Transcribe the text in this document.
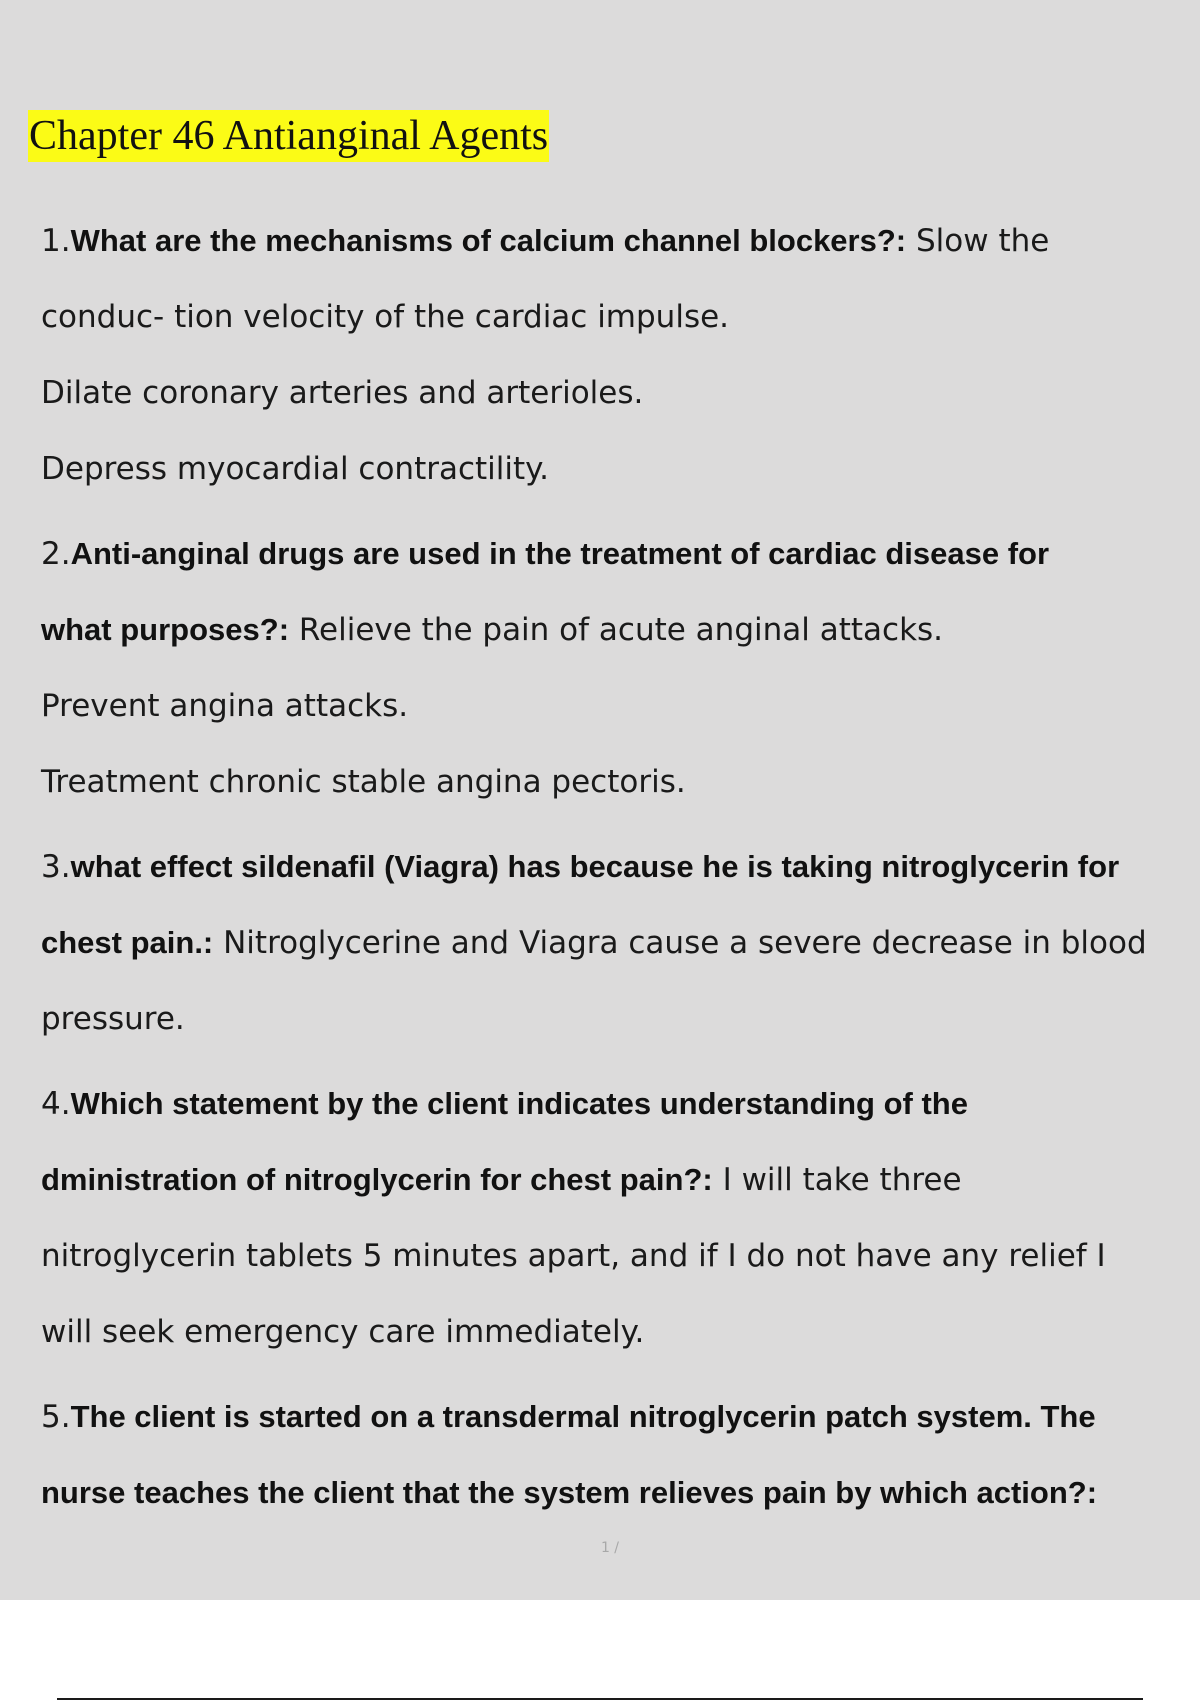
Chapter 46 Antianginal Agents

1.What are the mechanisms of calcium channel blockers?: Slow the

conduc- tion velocity of the cardiac impulse.

Dilate coronary arteries and arterioles.

Depress myocardial contractility.

2.Anti-anginal drugs are used in the treatment of cardiac disease for

what purposes?: Relieve the pain of acute anginal attacks.

Prevent angina attacks.

Treatment chronic stable angina pectoris.

3.what effect sildenafil (Viagra) has because he is taking nitroglycerin for

chest pain.: Nitroglycerine and Viagra cause a severe decrease in blood

pressure.

4.Which statement by the client indicates understanding of the

dministration of nitroglycerin for chest pain?: I will take three

nitroglycerin tablets 5 minutes apart, and if I do not have any relief I

will seek emergency care immediately.

5.The client is started on a transdermal nitroglycerin patch system. The

nurse teaches the client that the system relieves pain by which action?:

1 /
